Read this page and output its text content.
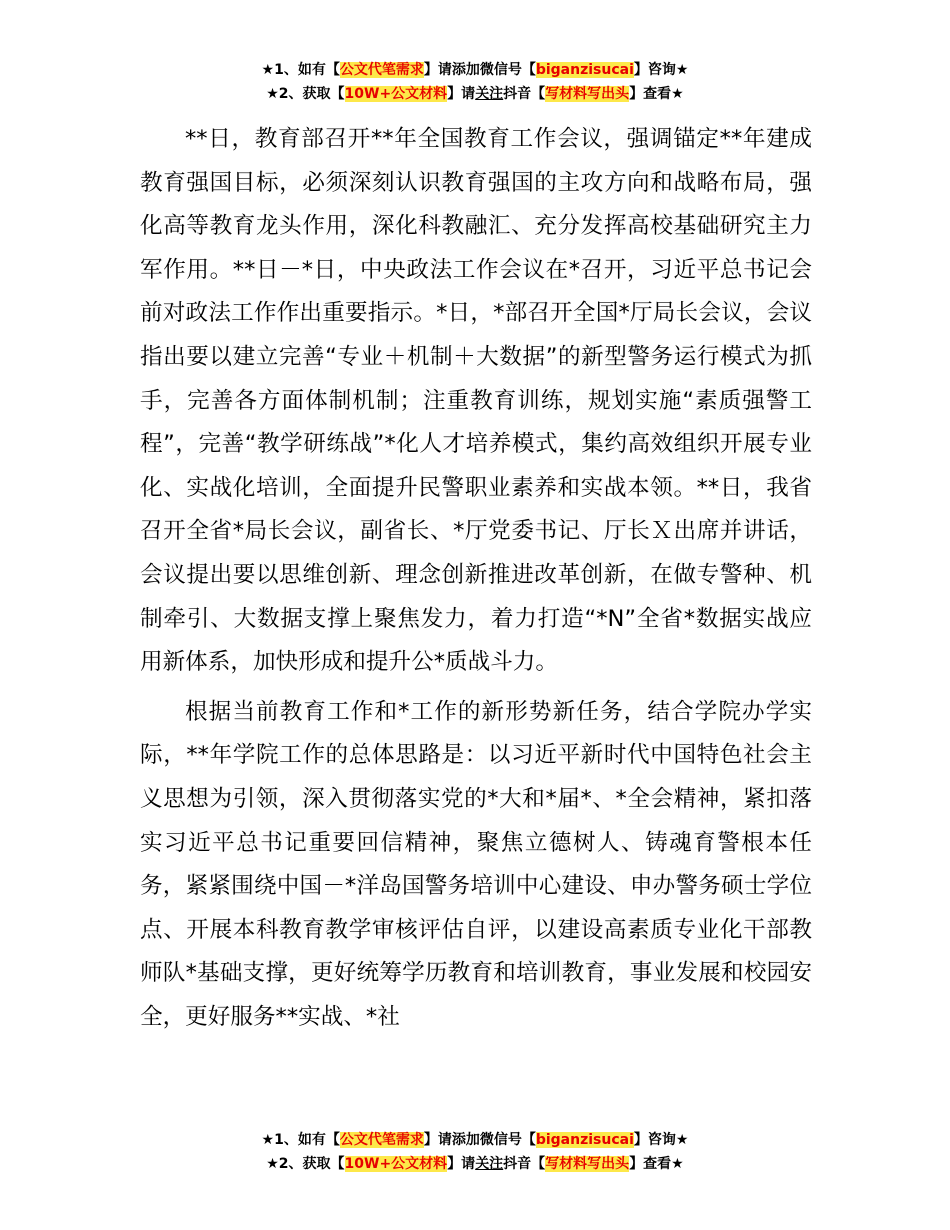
★1、如有【公文代笔需求】请添加微信号【biganzisucai】咨询★
★2、获取【10W+公文材料】请关注抖音【写材料写出头】查看★

**日，教育部召开**年全国教育工作会议，强调锚定**年建成教育强国目标，必须深刻认识教育强国的主攻方向和战略布局，强化高等教育龙头作用，深化科教融汇、充分发挥高校基础研究主力军作用。**日－*日，中央政法工作会议在*召开，习近平总书记会前对政法工作作出重要指示。*日，*部召开全国*厅局长会议，会议指出要以建立完善“专业＋机制＋大数据”的新型警务运行模式为抓手，完善各方面体制机制；注重教育训练，规划实施“素质强警工程”，完善“教学研练战”*化人才培养模式，集约高效组织开展专业化、实战化培训，全面提升民警职业素养和实战本领。**日，我省召开全省*局长会议，副省长、*厅党委书记、厅长Ｘ出席并讲话，会议提出要以思维创新、理念创新推进改革创新，在做专警种、机制牵引、大数据支撑上聚焦发力，着力打造“*N”全省*数据实战应用新体系，加快形成和提升公*质战斗力。

根据当前教育工作和*工作的新形势新任务，结合学院办学实际，**年学院工作的总体思路是：以习近平新时代中国特色社会主义思想为引领，深入贯彻落实党的*大和*届*、*全会精神，紧扣落实习近平总书记重要回信精神，聚焦立德树人、铸魂育警根本任务，紧紧围绕中国－*洋岛国警务培训中心建设、申办警务硕士学位点、开展本科教育教学审核评估自评，以建设高素质专业化干部教师队*基础支撑，更好统筹学历教育和培训教育，事业发展和校园安全，更好服务**实战、*社

★1、如有【公文代笔需求】请添加微信号【biganzisucai】咨询★
★2、获取【10W+公文材料】请关注抖音【写材料写出头】查看★
